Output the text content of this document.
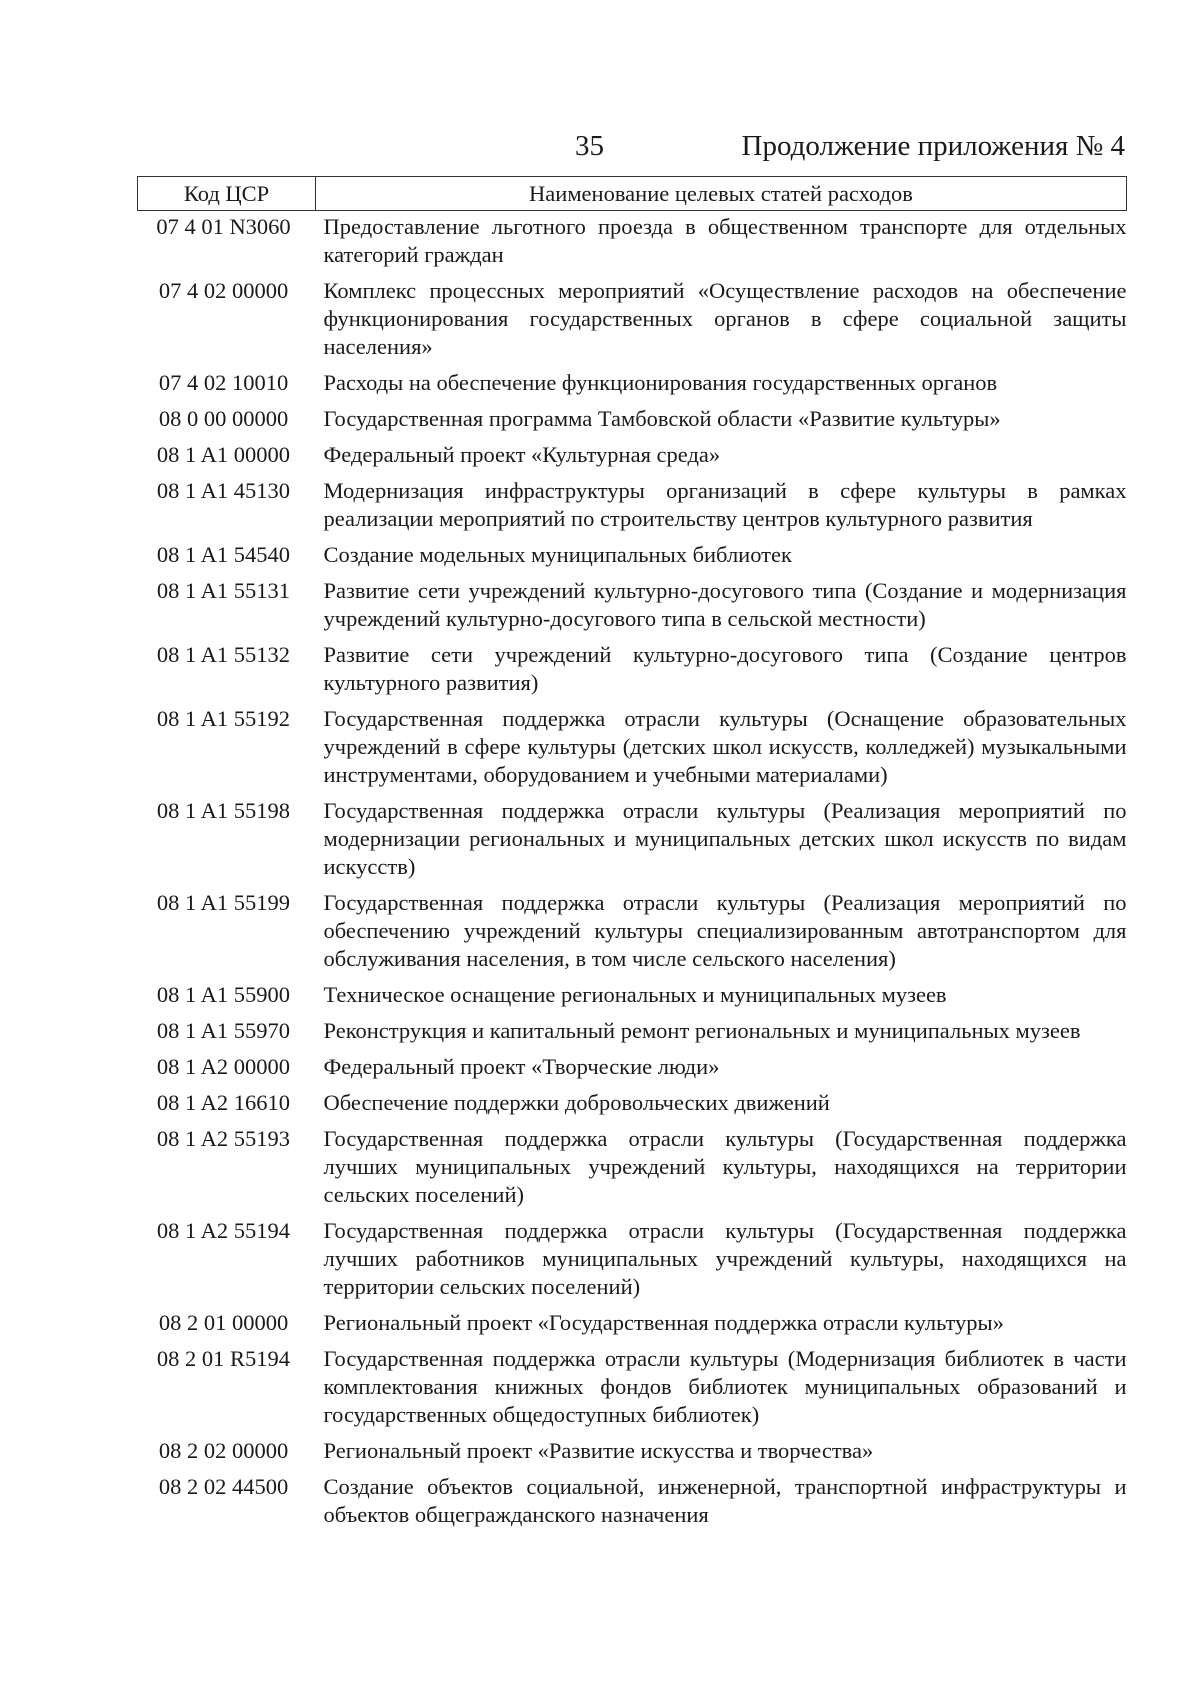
35	Продолжение приложения № 4
Код ЦСР	Наименование целевых статей расходов
07 4 01 N3060	Предоставление льготного проезда в общественном транспорте для отдельных категорий граждан
07 4 02 00000	Комплекс процессных мероприятий «Осуществление расходов на обеспечение функционирования государственных органов в сфере социальной защиты населения»
07 4 02 10010	Расходы на обеспечение функционирования государственных органов
08 0 00 00000	Государственная программа Тамбовской области «Развитие культуры»
08 1 A1 00000	Федеральный проект «Культурная среда»
08 1 A1 45130	Модернизация инфраструктуры организаций в сфере культуры в рамках реализации мероприятий по строительству центров культурного развития
08 1 A1 54540	Создание модельных муниципальных библиотек
08 1 A1 55131	Развитие сети учреждений культурно-досугового типа (Создание и модернизация учреждений культурно-досугового типа в сельской местности)
08 1 A1 55132	Развитие сети учреждений культурно-досугового типа (Создание центров культурного развития)
08 1 A1 55192	Государственная поддержка отрасли культуры (Оснащение образовательных учреждений в сфере культуры (детских школ искусств, колледжей) музыкальными инструментами, оборудованием и учебными материалами)
08 1 A1 55198	Государственная поддержка отрасли культуры (Реализация мероприятий по модернизации региональных и муниципальных детских школ искусств по видам искусств)
08 1 A1 55199	Государственная поддержка отрасли культуры (Реализация мероприятий по обеспечению учреждений культуры специализированным автотранспортом для обслуживания населения, в том числе сельского населения)
08 1 A1 55900	Техническое оснащение региональных и муниципальных музеев
08 1 A1 55970	Реконструкция и капитальный ремонт региональных и муниципальных музеев
08 1 A2 00000	Федеральный проект «Творческие люди»
08 1 A2 16610	Обеспечение поддержки добровольческих движений
08 1 A2 55193	Государственная поддержка отрасли культуры (Государственная поддержка лучших муниципальных учреждений культуры, находящихся на территории сельских поселений)
08 1 A2 55194	Государственная поддержка отрасли культуры (Государственная поддержка лучших работников муниципальных учреждений культуры, находящихся на территории сельских поселений)
08 2 01 00000	Региональный проект «Государственная поддержка отрасли культуры»
08 2 01 R5194	Государственная поддержка отрасли культуры (Модернизация библиотек в части комплектования книжных фондов библиотек муниципальных образований и государственных общедоступных библиотек)
08 2 02 00000	Региональный проект «Развитие искусства и творчества»
08 2 02 44500	Создание объектов социальной, инженерной, транспортной инфраструктуры и объектов общегражданского назначения
